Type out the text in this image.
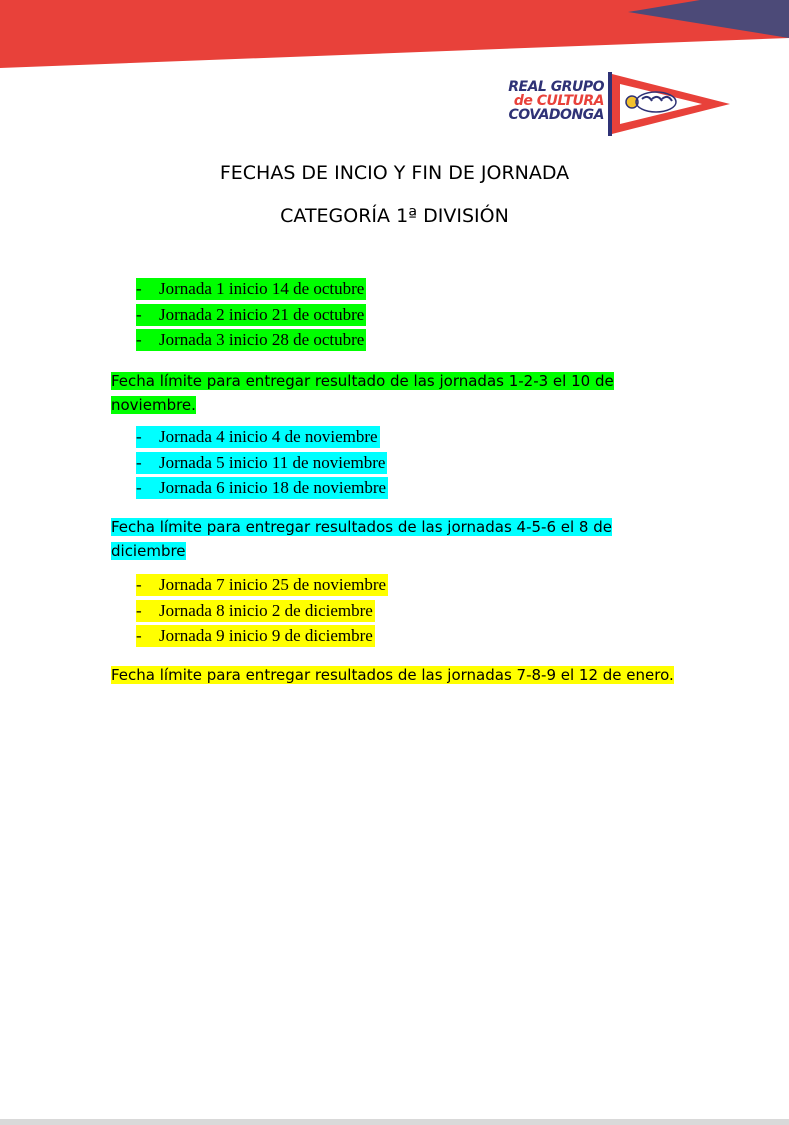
REAL GRUPO
de CULTURA
COVADONGA
FECHAS DE INCIO Y FIN DE JORNADA
CATEGORÍA 1ª DIVISIÓN
- Jornada 1 inicio 14 de octubre
- Jornada 2 inicio 21 de octubre
- Jornada 3 inicio 28 de octubre
Fecha límite para entregar resultado de las jornadas 1-2-3 el 10 de noviembre.
- Jornada 4 inicio 4 de noviembre
- Jornada 5 inicio 11 de noviembre
- Jornada 6 inicio 18 de noviembre
Fecha límite para entregar resultados de las jornadas 4-5-6 el 8 de diciembre
- Jornada 7 inicio 25 de noviembre
- Jornada 8 inicio 2 de diciembre
- Jornada 9 inicio 9 de diciembre
Fecha límite para entregar resultados de las jornadas 7-8-9 el 12 de enero.
